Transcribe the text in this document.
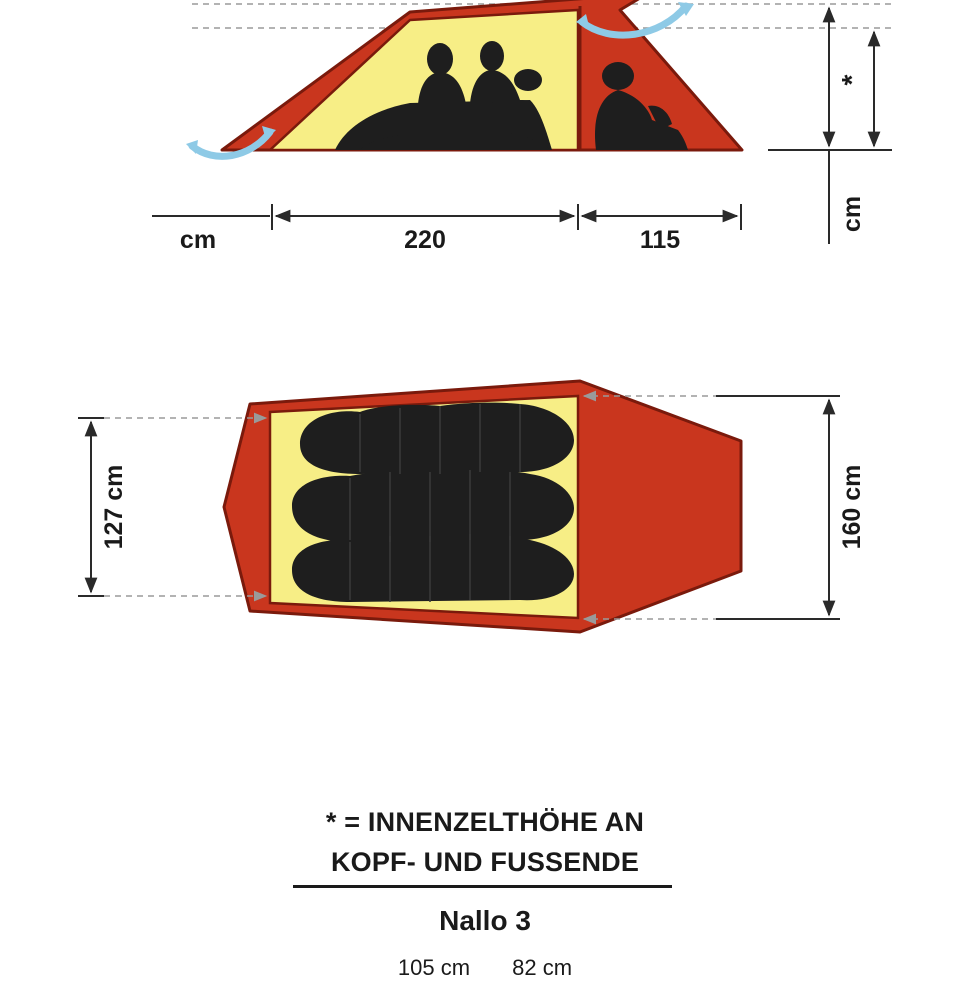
cm	220	115
*
cm
127 cm	160 cm
* = INNENZELTHÖHE AN
KOPF- UND FUSSENDE
Nallo 3
105 cm 82 cm
